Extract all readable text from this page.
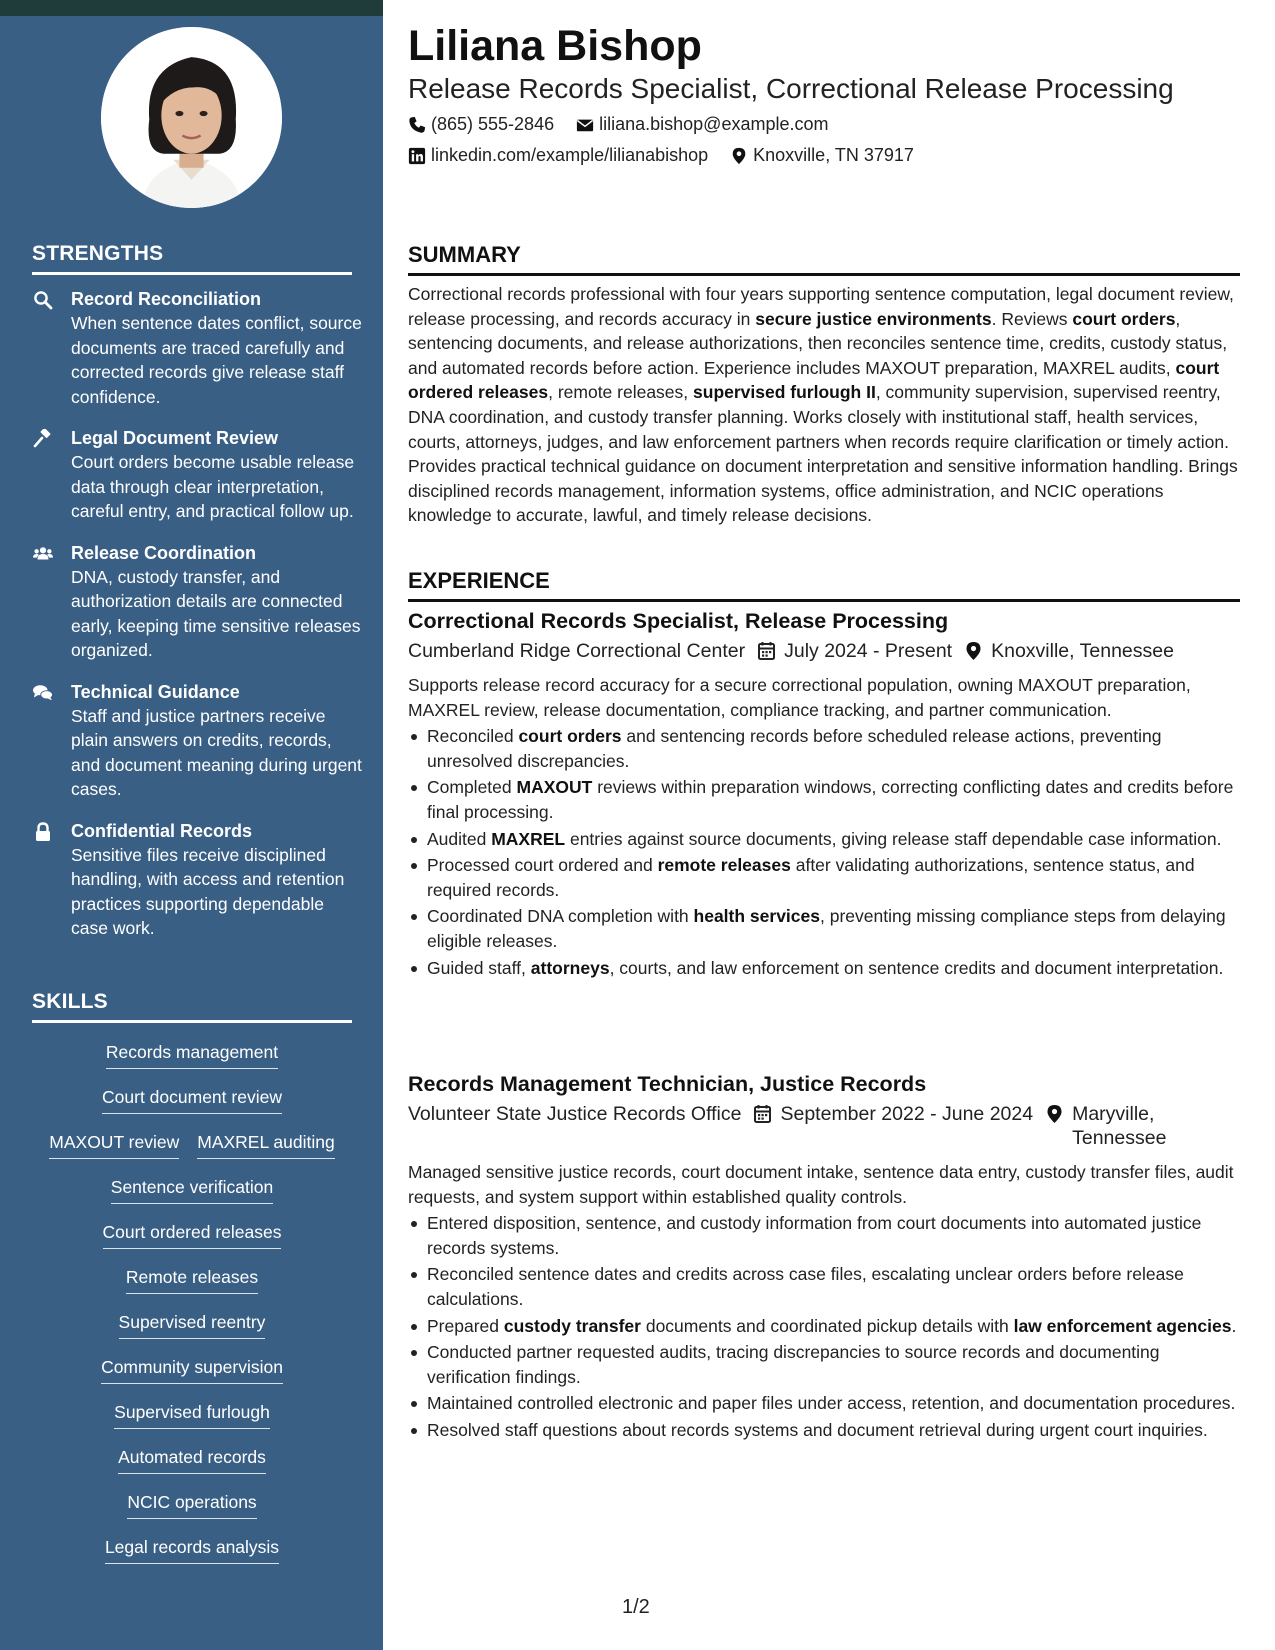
STRENGTHS
Record Reconciliation
When sentence dates conflict, source documents are traced carefully and corrected records give release staff confidence.
Legal Document Review
Court orders become usable release data through clear interpretation, careful entry, and practical follow up.
Release Coordination
DNA, custody transfer, and authorization details are connected early, keeping time sensitive releases organized.
Technical Guidance
Staff and justice partners receive plain answers on credits, records, and document meaning during urgent cases.
Confidential Records
Sensitive files receive disciplined handling, with access and retention practices supporting dependable case work.
SKILLS
Records management
Court document review
MAXOUT review MAXREL auditing
Sentence verification
Court ordered releases
Remote releases
Supervised reentry
Community supervision
Supervised furlough
Automated records
NCIC operations
Legal records analysis
Liliana Bishop
Release Records Specialist, Correctional Release Processing
(865) 555-2846	liliana.bishop@example.com
linkedin.com/example/lilianabishop	Knoxville, TN 37917
SUMMARY
Correctional records professional with four years supporting sentence computation, legal document review, release processing, and records accuracy in secure justice environments. Reviews court orders, sentencing documents, and release authorizations, then reconciles sentence time, credits, custody status, and automated records before action. Experience includes MAXOUT preparation, MAXREL audits, court ordered releases, remote releases, supervised furlough II, community supervision, supervised reentry, DNA coordination, and custody transfer planning. Works closely with institutional staff, health services, courts, attorneys, judges, and law enforcement partners when records require clarification or timely action. Provides practical technical guidance on document interpretation and sensitive information handling. Brings disciplined records management, information systems, office administration, and NCIC operations knowledge to accurate, lawful, and timely release decisions.
EXPERIENCE
Correctional Records Specialist, Release Processing
Cumberland Ridge Correctional Center July 2024 - Present Knoxville, Tennessee
Supports release record accuracy for a secure correctional population, owning MAXOUT preparation, MAXREL review, release documentation, compliance tracking, and partner communication.
Reconciled court orders and sentencing records before scheduled release actions, preventing unresolved discrepancies.
Completed MAXOUT reviews within preparation windows, correcting conflicting dates and credits before final processing.
Audited MAXREL entries against source documents, giving release staff dependable case information.
Processed court ordered and remote releases after validating authorizations, sentence status, and required records.
Coordinated DNA completion with health services, preventing missing compliance steps from delaying eligible releases.
Guided staff, attorneys, courts, and law enforcement on sentence credits and document interpretation.
Records Management Technician, Justice Records
Volunteer State Justice Records Office September 2022 - June 2024 Maryville, Tennessee
Managed sensitive justice records, court document intake, sentence data entry, custody transfer files, audit requests, and system support within established quality controls.
Entered disposition, sentence, and custody information from court documents into automated justice records systems.
Reconciled sentence dates and credits across case files, escalating unclear orders before release calculations.
Prepared custody transfer documents and coordinated pickup details with law enforcement agencies.
Conducted partner requested audits, tracing discrepancies to source records and documenting verification findings.
Maintained controlled electronic and paper files under access, retention, and documentation procedures.
Resolved staff questions about records systems and document retrieval during urgent court inquiries.
1/2
